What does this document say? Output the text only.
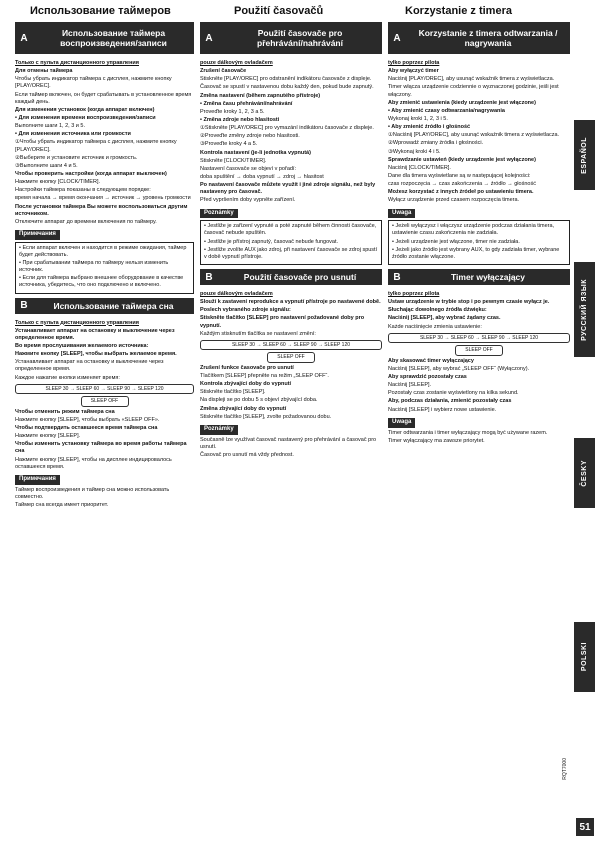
Использование таймеров	Použití časovačů	Korzystanie z timera
A	Использование таймера воспроизведения/записи
Только с пульта дистанционного управления
Для отмены таймера
Чтобы убрать индикатор таймера с дисплея, нажмите кнопку [PLAY/OREC].
Если таймер включен, он будет срабатывать в установленное время каждый день.
Для изменения установок (когда аппарат включен)
• Для изменения времени воспроизведения/записи
Выполните шаги 1, 2, 3 и 5.
• Для изменения источника или громкости
①Чтобы убрать индикатор таймера с дисплея, нажмите кнопку [PLAY/OREC].
②Выберите и установите источник и громкость.
③Выполните шаги 4 и 5.
Чтобы проверить настройки (когда аппарат выключен)
Нажмите кнопку [CLOCK/TIMER].
Настройки таймера показаны в следующем порядке:
время начала → время окончания → источник → уровень громкости
После установки таймера Вы можете воспользоваться другим источником.
Отключите аппарат до времени включения по таймеру.
Примечания
• Если аппарат включен и находится в режиме ожидания, таймер будет действовать.
• При срабатывании таймера по таймеру нельзя изменить источник.
• Если для таймера выбрано внешнее оборудование в качестве источника, убедитесь, что оно подключено и включено.
B	Использование таймера сна
Только с пульта дистанционного управления
Устанавливает аппарат на остановку и выключение через определенное время.
Во время прослушивания желаемого источника:
Нажмите кнопку [SLEEP], чтобы выбрать желаемое время.
Устанавливает аппарат на остановку и выключение через определенное время.
Каждое нажатие кнопки изменяет время:
SLEEP 30 → SLEEP 60 → SLEEP 90 → SLEEP 120
SLEEP OFF
Чтобы отменить режим таймера сна
Нажмите кнопку [SLEEP], чтобы выбрать «SLEEP OFF».
Чтобы подтвердить оставшееся время таймера сна
Нажмите кнопку [SLEEP].
Чтобы изменить установку таймера во время работы таймера сна
Нажмите кнопку [SLEEP], чтобы на дисплее индицировалось оставшееся время.
Примечания
Таймер воспроизведения и таймер сна можно использовать совместно.
Таймер сна всегда имеет приоритет.
A	Použití časovače pro přehrávání/nahrávání
pouze dálkovým ovladačem
Zrušení časovače
Stiskněte [PLAY/OREC] pro odstranění indikátoru časovače z displeje.
Časovač se spustí v nastavenou dobu každý den, pokud bude zapnutý.
Změna nastavení (během zapnutého přístroje)
• Změna času přehrávání/nahrávání
Proveďte kroky 1, 2, 3 a 5.
• Změna zdroje nebo hlasitosti
①Stiskněte [PLAY/OREC] pro vymazání indikátoru časovače z displeje.
②Proveďte změny zdroje nebo hlasitosti.
③Proveďte kroky 4 a 5.
Kontrola nastavení (je-li jednotka vypnutá)
Stiskněte [CLOCK/TIMER].
Nastavení časovače se objeví v pořadí:
doba spuštění → doba vypnutí → zdroj → hlasitost
Po nastavení časovače můžete využít i jiné zdroje signálu, než byly nastaveny pro časovač.
Před vypršením doby vypněte zařízení.
Poznámky
• Jestliže je zařízení vypnuté a poté zapnuté během činnosti časovače, časovač nebude spuštěn.
• Jestliže je přístroj zapnutý, časovač nebude fungovat.
• Jestliže zvolíte AUX jako zdroj, při nastavení časovače se zdroj spustí v době vypnutí přístroje.
B	Použití časovače pro usnutí
pouze dálkovým ovladačem
Slouží k zastavení reprodukce a vypnutí přístroje po nastavené době.
Poslech vybraného zdroje signálu:
Stiskněte tlačítko [SLEEP] pro nastavení požadované doby pro vypnutí.
Každým stisknutím tlačítka se nastavení změní:
SLEEP 30 → SLEEP 60 → SLEEP 90 → SLEEP 120
SLEEP OFF
Zrušení funkce časovače pro usnutí
Tlačítkem [SLEEP] přepněte na režim „SLEEP OFF“.
Kontrola zbývající doby do vypnutí
Stiskněte tlačítko [SLEEP].
Na displeji se po dobu 5 s objeví zbývající doba.
Změna zbývající doby do vypnutí
Stiskněte tlačítko [SLEEP], zvolte požadovanou dobu.
Poznámky
Současně lze využívat časovač nastavený pro přehrávání a časovač pro usnutí.
Časovač pro usnutí má vždy přednost.
A	Korzystanie z timera odtwarzania / nagrywania
tylko poprzez pilota
Aby wyłączyć timer
Naciśnij [PLAY/OREC], aby usunąć wskaźnik timera z wyświetlacza.
Timer włącza urządzenie codziennie o wyznaczonej godzinie, jeśli jest włączony.
Aby zmienić ustawienia (kiedy urządzenie jest włączone)
• Aby zmienić czasy odtwarzania/nagrywania
Wykonaj kroki 1, 2, 3 i 5.
• Aby zmienić źródło i głośność
①Naciśnij [PLAY/OREC], aby usunąć wskaźnik timera z wyświetlacza.
②Wprowadź zmiany źródła i głośności.
③Wykonaj kroki 4 i 5.
Sprawdzanie ustawień (kiedy urządzenie jest wyłączone)
Naciśnij [CLOCK/TIMER].
Dane dla timera wyświetlane są w następującej kolejności:
czas rozpoczęcia → czas zakończenia → źródło → głośność
Możesz korzystać z innych źródeł po ustawieniu timera.
Wyłącz urządzenie przed czasem rozpoczęcia timera.
Uwaga
• Jeżeli wyłączysz i włączysz urządzenie podczas działania timera, ustawienie czasu zakończenia nie zadziała.
• Jeżeli urządzenie jest włączone, timer nie zadziała.
• Jeżeli jako źródło jest wybrany AUX, to gdy zadziała timer, wybrane źródło zostanie włączone.
B	Timer wyłączający
tylko poprzez pilota
Ustaw urządzenie w trybie stop i po pewnym czasie wyłącz je.
Słuchając dowolnego źródła dźwięku:
Naciśnij [SLEEP], aby wybrać żądany czas.
Każde naciśnięcie zmienia ustawienie:
SLEEP 30 → SLEEP 60 → SLEEP 90 → SLEEP 120
SLEEP OFF
Aby skasować timer wyłączający
Naciśnij [SLEEP], aby wybrać „SLEEP OFF“ (Wyłączony).
Aby sprawdzić pozostały czas
Naciśnij [SLEEP].
Pozostały czas zostanie wyświetlony na kilka sekund.
Aby, podczas działania, zmienić pozostały czas
Naciśnij [SLEEP] i wybierz nowe ustawienie.
Uwaga
Timer odtwarzania i timer wyłączający mogą być używane razem.
Timer wyłączający ma zawsze priorytet.
ESPAÑOL
РУССКИЙ ЯЗЫК
ČESKY
POLSKI
RQT7000
51
